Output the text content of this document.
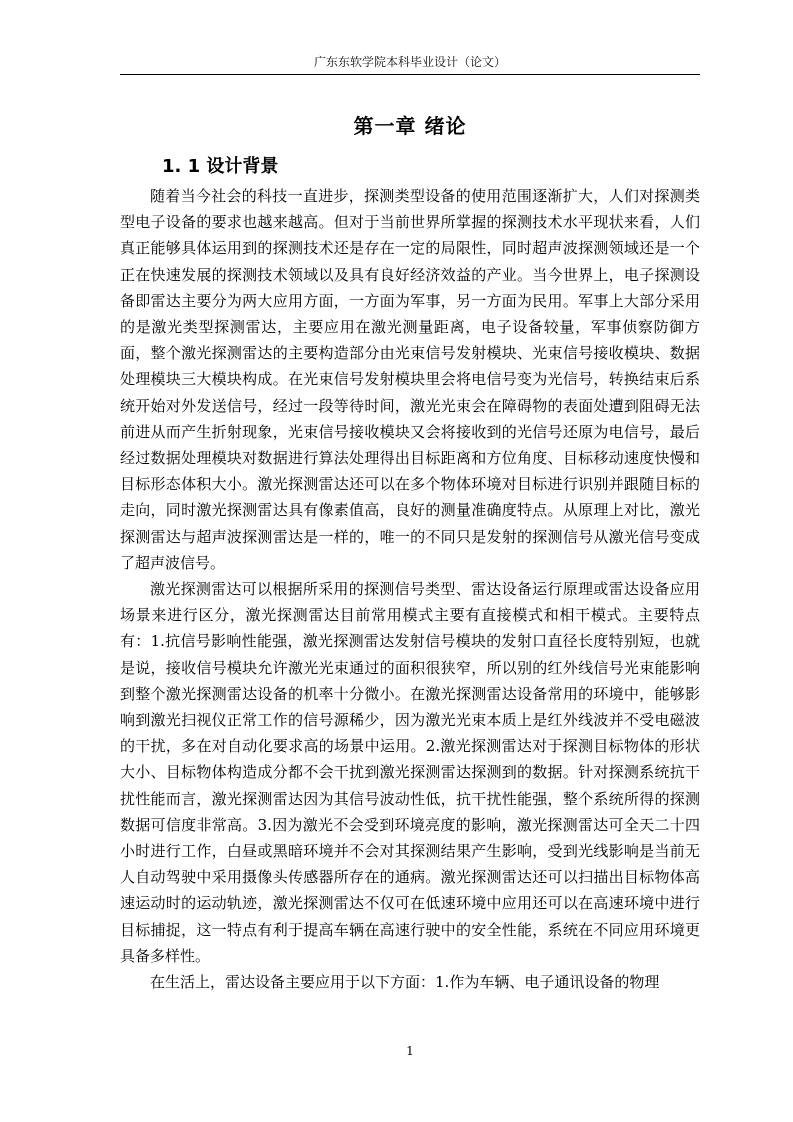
广东东软学院本科毕业设计（论文）
第一章 绪论
1. 1 设计背景

随着当今社会的科技一直进步，探测类型设备的使用范围逐渐扩大，人们对探测类型电子设备的要求也越来越高。但对于当前世界所掌握的探测技术水平现状来看，人们真正能够具体运用到的探测技术还是存在一定的局限性，同时超声波探测领域还是一个正在快速发展的探测技术领域以及具有良好经济效益的产业。当今世界上，电子探测设备即雷达主要分为两大应用方面，一方面为军事，另一方面为民用。军事上大部分采用的是激光类型探测雷达，主要应用在激光测量距离，电子设备较量，军事侦察防御方面，整个激光探测雷达的主要构造部分由光束信号发射模块、光束信号接收模块、数据处理模块三大模块构成。在光束信号发射模块里会将电信号变为光信号，转换结束后系统开始对外发送信号，经过一段等待时间，激光光束会在障碍物的表面处遭到阻碍无法前进从而产生折射现象，光束信号接收模块又会将接收到的光信号还原为电信号，最后经过数据处理模块对数据进行算法处理得出目标距离和方位角度、目标移动速度快慢和目标形态体积大小。激光探测雷达还可以在多个物体环境对目标进行识别并跟随目标的走向，同时激光探测雷达具有像素值高，良好的测量准确度特点。从原理上对比，激光探测雷达与超声波探测雷达是一样的，唯一的不同只是发射的探测信号从激光信号变成了超声波信号。

激光探测雷达可以根据所采用的探测信号类型、雷达设备运行原理或雷达设备应用场景来进行区分，激光探测雷达目前常用模式主要有直接模式和相干模式。主要特点有：1.抗信号影响性能强，激光探测雷达发射信号模块的发射口直径长度特别短，也就是说，接收信号模块允许激光光束通过的面积很狭窄，所以别的红外线信号光束能影响到整个激光探测雷达设备的机率十分微小。在激光探测雷达设备常用的环境中，能够影响到激光扫视仪正常工作的信号源稀少，因为激光光束本质上是红外线波并不受电磁波的干扰，多在对自动化要求高的场景中运用。2.激光探测雷达对于探测目标物体的形状大小、目标物体构造成分都不会干扰到激光探测雷达探测到的数据。针对探测系统抗干扰性能而言，激光探测雷达因为其信号波动性低，抗干扰性能强，整个系统所得的探测数据可信度非常高。3.因为激光不会受到环境亮度的影响，激光探测雷达可全天二十四小时进行工作，白昼或黑暗环境并不会对其探测结果产生影响，受到光线影响是当前无人自动驾驶中采用摄像头传感器所存在的通病。激光探测雷达还可以扫描出目标物体高速运动时的运动轨迹，激光探测雷达不仅可在低速环境中应用还可以在高速环境中进行目标捕捉，这一特点有利于提高车辆在高速行驶中的安全性能，系统在不同应用环境更具备多样性。

在生活上，雷达设备主要应用于以下方面：1.作为车辆、电子通讯设备的物理

1
